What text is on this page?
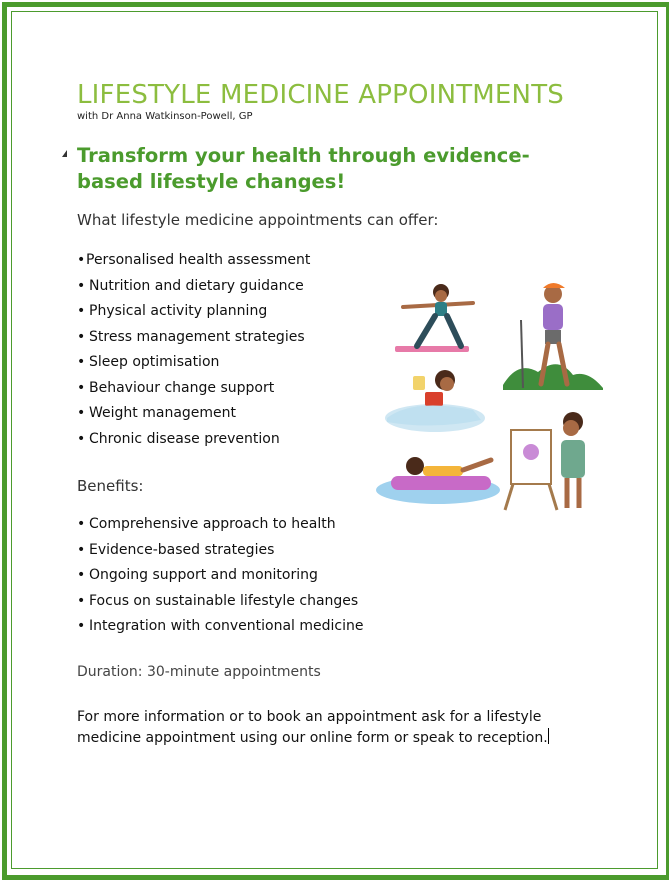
LIFESTYLE MEDICINE APPOINTMENTS
with Dr Anna Watkinson-Powell, GP
Transform your health through evidence-based lifestyle changes!
What lifestyle medicine appointments can offer:
•Personalised health assessment
• Nutrition and dietary guidance
• Physical activity planning
• Stress management strategies
• Sleep optimisation
• Behaviour change support
• Weight management
• Chronic disease prevention
Benefits:
• Comprehensive approach to health
• Evidence-based strategies
• Ongoing support and monitoring
• Focus on sustainable lifestyle changes
• Integration with conventional medicine
Duration: 30-minute appointments
For more information or to book an appointment ask for a lifestyle medicine appointment using our online form or speak to reception.
